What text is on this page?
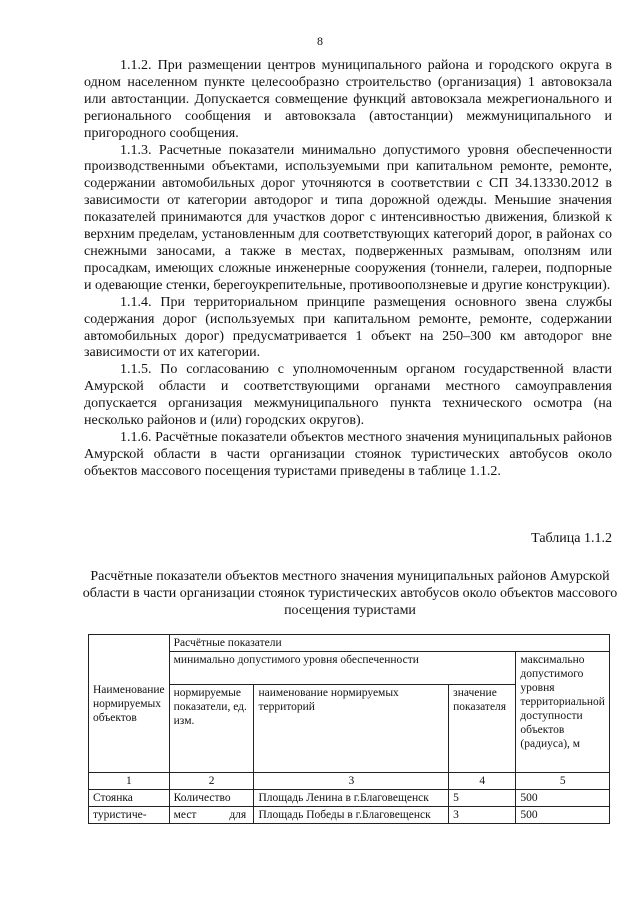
8

1.1.2. При размещении центров муниципального района и городского округа в одном населенном пункте целесообразно строительство (организация) 1 автовокзала или автостанции. Допускается совмещение функций автовокзала межрегионального и регионального сообщения и автовокзала (автостанции) межмуниципального и пригородного сообщения.

1.1.3. Расчетные показатели минимально допустимого уровня обеспеченности производственными объектами, используемыми при капитальном ремонте, ремонте, содержании автомобильных дорог уточняются в соответствии с СП 34.13330.2012 в зависимости от категории автодорог и типа дорожной одежды. Меньшие значения показателей принимаются для участков дорог с интенсивностью движения, близкой к верхним пределам, установленным для соответствующих категорий дорог, в районах со снежными заносами, а также в местах, подверженных размывам, оползням или просадкам, имеющих сложные инженерные сооружения (тоннели, галереи, подпорные и одевающие стенки, берегоукрепительные, противооползневые и другие конструкции).

1.1.4. При территориальном принципе размещения основного звена службы содержания дорог (используемых при капитальном ремонте, ремонте, содержании автомобильных дорог) предусматривается 1 объект на 250–300 км автодорог вне зависимости от их категории.

1.1.5. По согласованию с уполномоченным органом государственной власти Амурской области и соответствующими органами местного самоуправления допускается организация межмуниципального пункта технического осмотра (на несколько районов и (или) городских округов).

1.1.6. Расчётные показатели объектов местного значения муниципальных районов Амурской области в части организации стоянок туристических автобусов около объектов массового посещения туристами приведены в таблице 1.1.2.

Таблица 1.1.2
Расчётные показатели объектов местного значения муниципальных районов Амурской области в части организации стоянок туристических автобусов около объектов массового посещения туристами
Наименование нормируемых объектов	Расчётные показатели			
	минимально допустимого уровня обеспеченности			максимально допустимого уровня территориальной доступности объектов (радиуса), м
	нормируемые показатели, ед. изм.	наименование нормируемых территорий	значение показателя	
1	2	3	4	5
Стоянка	Количество	Площадь Ленина в г.Благовещенск	5	500
туристиче-	мест для	Площадь Победы в г.Благовещенск	3	500
